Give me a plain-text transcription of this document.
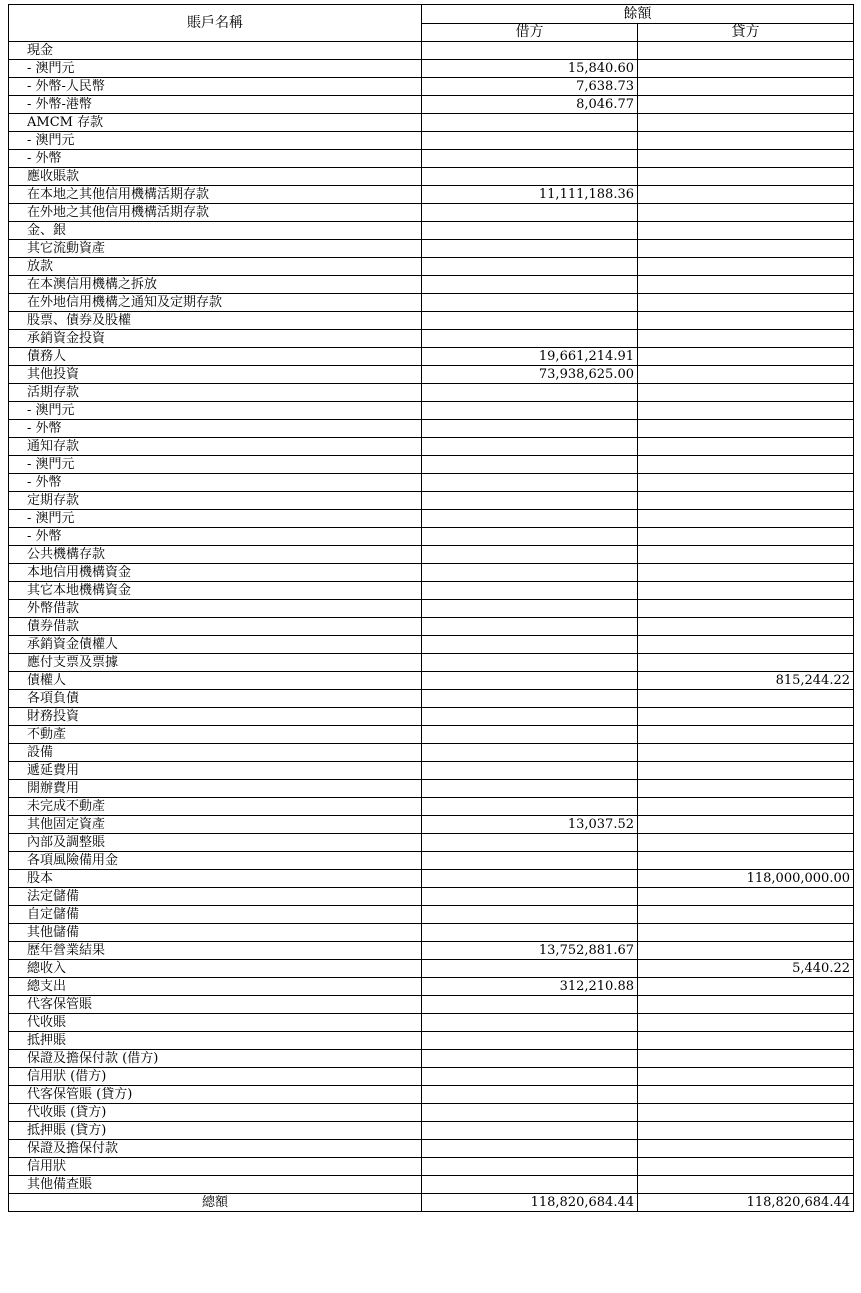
賬戶名稱	餘額	
	借方	貸方
現金		
- 澳門元	15,840.60	
- 外幣-人民幣	7,638.73	
- 外幣-港幣	8,046.77	
AMCM 存款		
- 澳門元		
- 外幣		
應收賬款		
在本地之其他信用機構活期存款	11,111,188.36	
在外地之其他信用機構活期存款		
金、銀		
其它流動資產		
放款		
在本澳信用機構之拆放		
在外地信用機構之通知及定期存款		
股票、債券及股權		
承銷資金投資		
債務人	19,661,214.91	
其他投資	73,938,625.00	
活期存款		
- 澳門元		
- 外幣		
通知存款		
- 澳門元		
- 外幣		
定期存款		
- 澳門元		
- 外幣		
公共機構存款		
本地信用機構資金		
其它本地機構資金		
外幣借款		
債券借款		
承銷資金債權人		
應付支票及票據		
債權人		815,244.22
各項負債		
財務投資		
不動產		
設備		
遞延費用		
開辦費用		
未完成不動產		
其他固定資產	13,037.52	
內部及調整賬		
各項風險備用金		
股本		118,000,000.00
法定儲備		
自定儲備		
其他儲備		
歷年營業結果	13,752,881.67	
總收入		5,440.22
總支出	312,210.88	
代客保管賬		
代收賬		
抵押賬		
保證及擔保付款 (借方)		
信用狀 (借方)		
代客保管賬 (貸方)		
代收賬 (貸方)		
抵押賬 (貸方)		
保證及擔保付款		
信用狀		
其他備查賬		
總額	118,820,684.44	118,820,684.44
